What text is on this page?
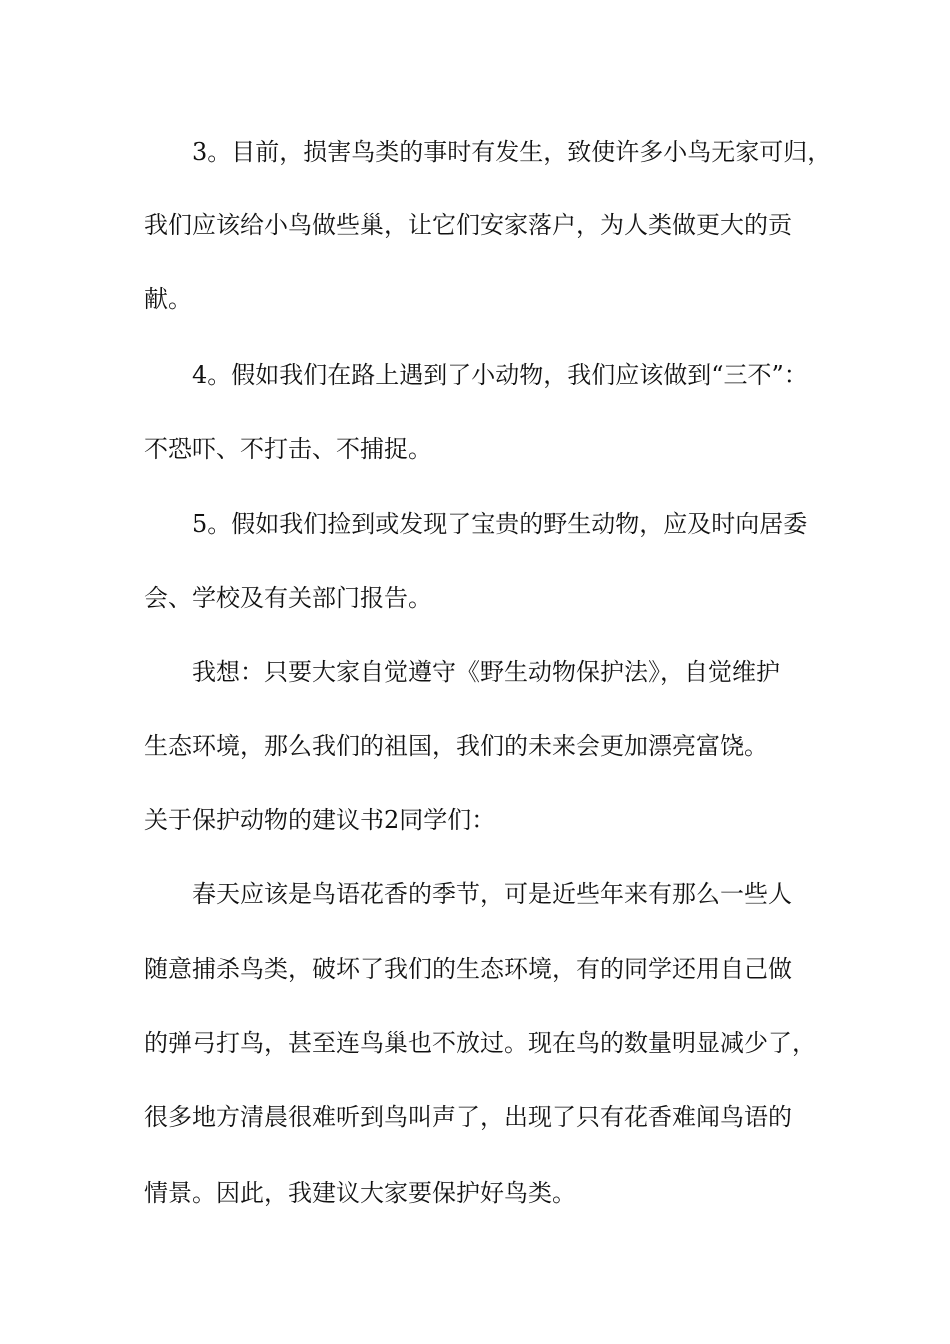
3。目前，损害鸟类的事时有发生，致使许多小鸟无家可归，
我们应该给小鸟做些巢，让它们安家落户，为人类做更大的贡
献。
4。假如我们在路上遇到了小动物，我们应该做到“三不”：
不恐吓、不打击、不捕捉。
5。假如我们捡到或发现了宝贵的野生动物，应及时向居委
会、学校及有关部门报告。
我想：只要大家自觉遵守《野生动物保护法》，自觉维护
生态环境，那么我们的祖国，我们的未来会更加漂亮富饶。
关于保护动物的建议书2同学们：
春天应该是鸟语花香的季节，可是近些年来有那么一些人
随意捕杀鸟类，破坏了我们的生态环境，有的同学还用自己做
的弹弓打鸟，甚至连鸟巢也不放过。现在鸟的数量明显减少了，
很多地方清晨很难听到鸟叫声了，出现了只有花香难闻鸟语的
情景。因此，我建议大家要保护好鸟类。
